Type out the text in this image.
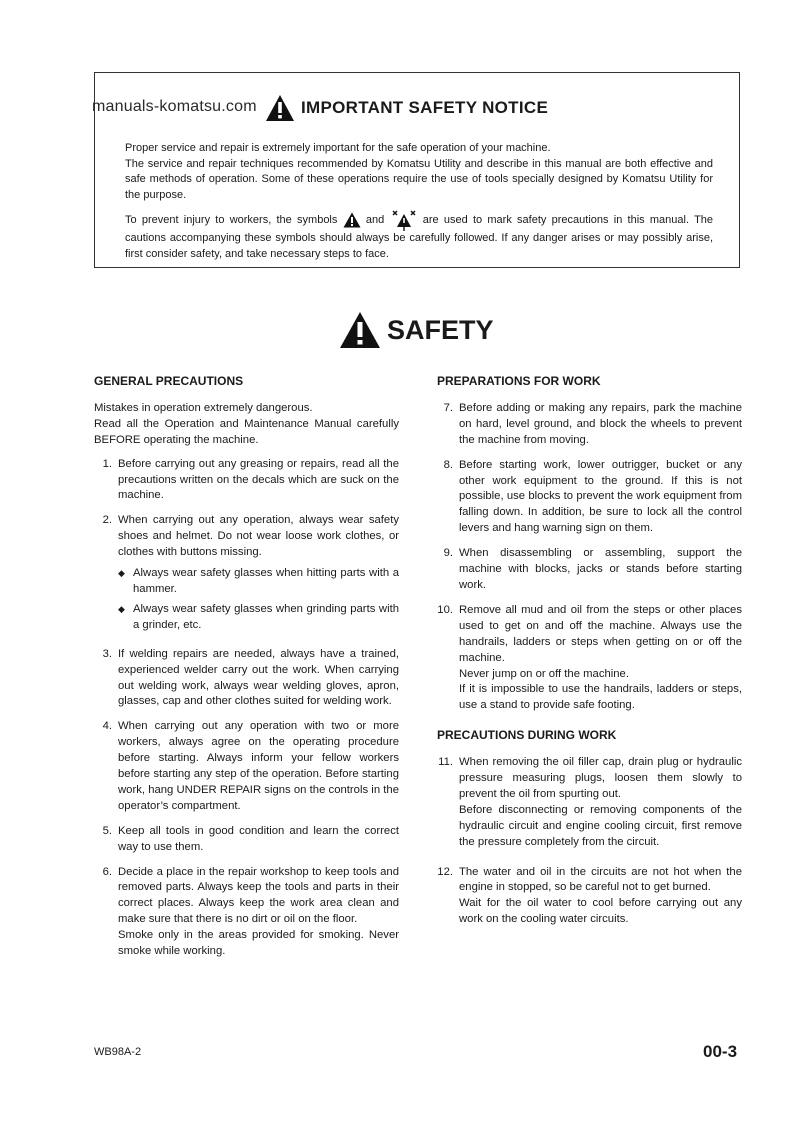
IMPORTANT SAFETY NOTICE

Proper service and repair is extremely important for the safe operation of your machine.

The service and repair techniques recommended by Komatsu Utility and describe in this manual are both effective and safe methods of operation. Some of these operations require the use of tools specially designed by Komatsu Utility for the purpose.

To prevent injury to workers, the symbols	and	are used to mark safety precautions in this manual. The cautions accompanying these symbols should always be carefully followed. If any danger arises or may possibly arise, first consider safety, and take necessary steps to face.

manuals-komatsu.com
SAFETY
GENERAL PRECAUTIONS
Mistakes in operation extremely dangerous.
Read all the Operation and Maintenance Manual carefully BEFORE operating the machine.
1. Before carrying out any greasing or repairs, read all the precautions written on the decals which are suck on the machine.

2. When carrying out any operation, always wear safety shoes and helmet. Do not wear loose work clothes, or clothes with buttons missing.

◆ Always wear safety glasses when hitting parts with a hammer.
◆ Always wear safety glasses when grinding parts with a grinder, etc.
3. If welding repairs are needed, always have a trained, experienced welder carry out the work. When carrying out welding work, always wear welding gloves, apron, glasses, cap and other clothes suited for welding work.

4. When carrying out any operation with two or more workers, always agree on the operating procedure before starting. Always inform your fellow workers before starting any step of the operation. Before starting work, hang UNDER REPAIR signs on the controls in the operator’s compartment.

5. Keep all tools in good condition and learn the correct way to use them.

6. Decide a place in the repair workshop to keep tools and removed parts. Always keep the tools and parts in their correct places. Always keep the work area clean and make sure that there is no dirt or oil on the floor.

Smoke only in the areas provided for smoking. Never smoke while working.

PREPARATIONS FOR WORK
7. Before adding or making any repairs, park the machine on hard, level ground, and block the wheels to prevent the machine from moving.

8. Before starting work, lower outrigger, bucket or any other work equipment to the ground. If this is not possible, use blocks to prevent the work equipment from falling down. In addition, be sure to lock all the control levers and hang warning sign on them.

9. When disassembling or assembling, support the machine with blocks, jacks or stands before starting work.

10. Remove all mud and oil from the steps or other places used to get on and off the machine. Always use the handrails, ladders or steps when getting on or off the machine.

Never jump on or off the machine.

If it is impossible to use the handrails, ladders or steps, use a stand to provide safe footing.

PRECAUTIONS DURING WORK
11. When removing the oil filler cap, drain plug or hydraulic pressure measuring plugs, loosen them slowly to prevent the oil from spurting out.

Before disconnecting or removing components of the hydraulic circuit and engine cooling circuit, first remove the pressure completely from the circuit.

12. The water and oil in the circuits are not hot when the engine in stopped, so be careful not to get burned.

Wait for the oil water to cool before carrying out any work on the cooling water circuits.

WB98A-2	00-3
